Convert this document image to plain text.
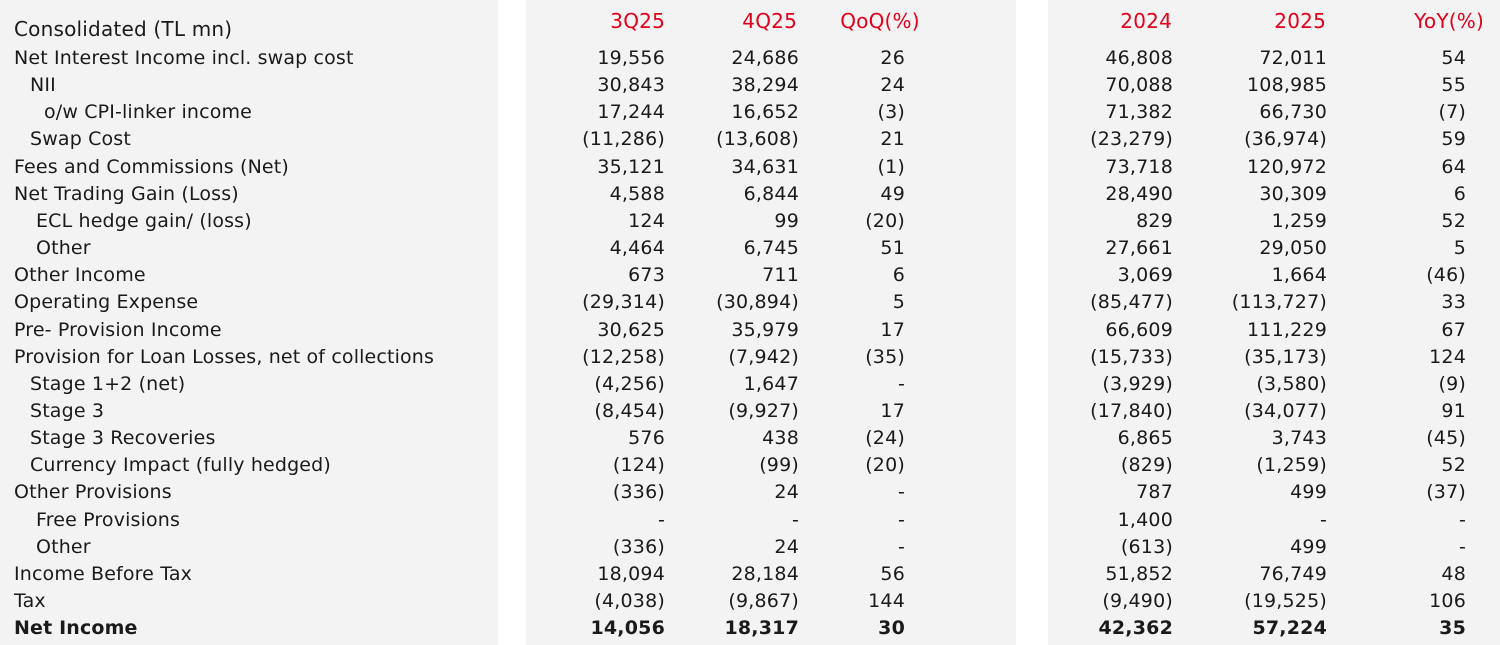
Consolidated (TL mn)	3Q25	4Q25	QoQ(%)	2024	2025	YoY(%)
Net Interest Income incl. swap cost	19,556	24,686	26	46,808	72,011	54
NII	30,843	38,294	24	70,088	108,985	55
o/w CPI-linker income	17,244	16,652	(3)	71,382	66,730	(7)
Swap Cost	(11,286)	(13,608)	21	(23,279)	(36,974)	59
Fees and Commissions (Net)	35,121	34,631	(1)	73,718	120,972	64
Net Trading Gain (Loss)	4,588	6,844	49	28,490	30,309	6
ECL hedge gain/ (loss)	124	99	(20)	829	1,259	52
Other	4,464	6,745	51	27,661	29,050	5
Other Income	673	711	6	3,069	1,664	(46)
Operating Expense	(29,314)	(30,894)	5	(85,477)	(113,727)	33
Pre- Provision Income	30,625	35,979	17	66,609	111,229	67
Provision for Loan Losses, net of collections	(12,258)	(7,942)	(35)	(15,733)	(35,173)	124
Stage 1+2 (net)	(4,256)	1,647	-	(3,929)	(3,580)	(9)
Stage 3	(8,454)	(9,927)	17	(17,840)	(34,077)	91
Stage 3 Recoveries	576	438	(24)	6,865	3,743	(45)
Currency Impact (fully hedged)	(124)	(99)	(20)	(829)	(1,259)	52
Other Provisions	(336)	24	-	787	499	(37)
Free Provisions	-	-	-	1,400	-	-
Other	(336)	24	-	(613)	499	-
Income Before Tax	18,094	28,184	56	51,852	76,749	48
Tax	(4,038)	(9,867)	144	(9,490)	(19,525)	106
Net Income	14,056	18,317	30	42,362	57,224	35
